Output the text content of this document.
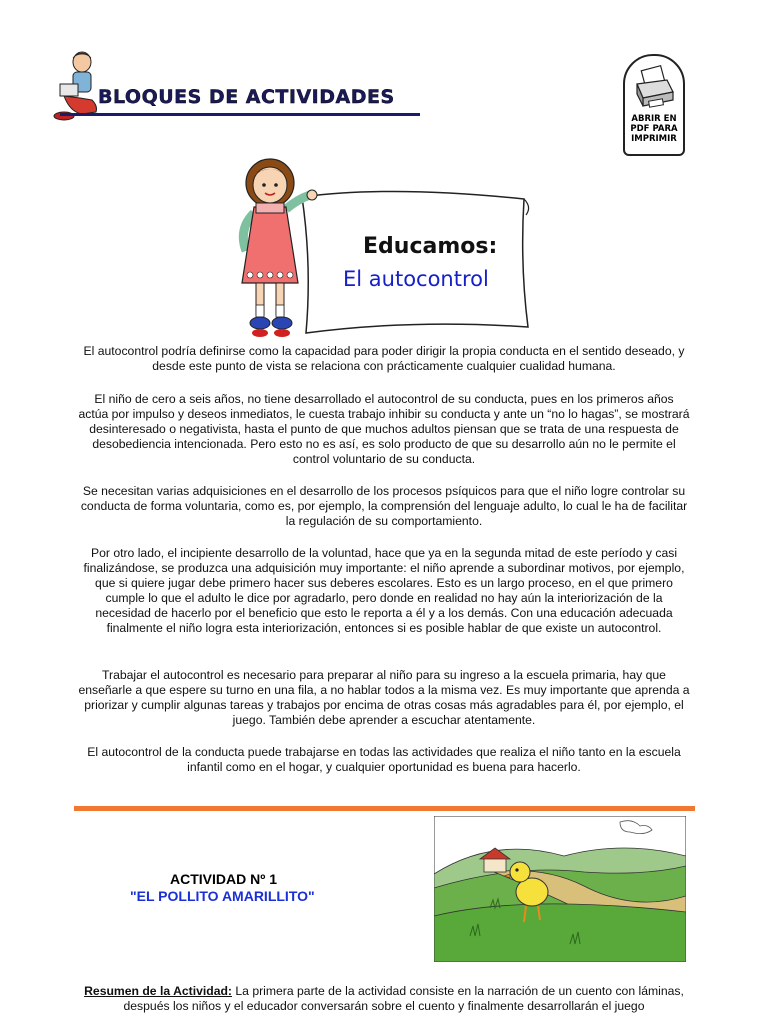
BLOQUES DE ACTIVIDADES
ABRIR EN
PDF PARA
IMPRIMIR
Educamos:
El autocontrol

El autocontrol podría definirse como la capacidad para poder dirigir la propia conducta en el sentido deseado, y desde este punto de vista se relaciona con prácticamente cualquier cualidad humana.

El niño de cero a seis años, no tiene desarrollado el autocontrol de su conducta, pues en los primeros años actúa por impulso y deseos inmediatos, le cuesta trabajo inhibir su conducta y ante un “no lo hagas”, se mostrará desinteresado o negativista, hasta el punto de que muchos adultos piensan que se trata de una respuesta de desobediencia intencionada. Pero esto no es así, es solo producto de que su desarrollo aún no le permite el control voluntario de su conducta.

Se necesitan varias adquisiciones en el desarrollo de los procesos psíquicos para que el niño logre controlar su conducta de forma voluntaria, como es, por ejemplo, la comprensión del lenguaje adulto, lo cual le ha de facilitar la regulación de su comportamiento.

Por otro lado, el incipiente desarrollo de la voluntad, hace que ya en la segunda mitad de este período y casi finalizándose, se produzca una adquisición muy importante: el niño aprende a subordinar motivos, por ejemplo, que si quiere jugar debe primero hacer sus deberes escolares. Esto es un largo proceso, en el que primero cumple lo que el adulto le dice por agradarlo, pero donde en realidad no hay aún la interiorización de la necesidad de hacerlo por el beneficio que esto le reporta a él y a los demás. Con una educación adecuada finalmente el niño logra esta interiorización, entonces si es posible hablar de que existe un autocontrol.

Trabajar el autocontrol es necesario para preparar al niño para su ingreso a la escuela primaria, hay que enseñarle a que espere su turno en una fila, a no hablar todos a la misma vez. Es muy importante que aprenda a priorizar y cumplir algunas tareas y trabajos por encima de otras cosas más agradables para él, por ejemplo, el juego. También debe aprender a escuchar atentamente.

El autocontrol de la conducta puede trabajarse en todas las actividades que realiza el niño tanto en la escuela infantil como en el hogar, y cualquier oportunidad es buena para hacerlo.

ACTIVIDAD Nº 1
"EL POLLITO AMARILLITO"

Resumen de la Actividad: La primera parte de la actividad consiste en la narración de un cuento con láminas, después los niños y el educador conversarán sobre el cuento y finalmente desarrollarán el juego
